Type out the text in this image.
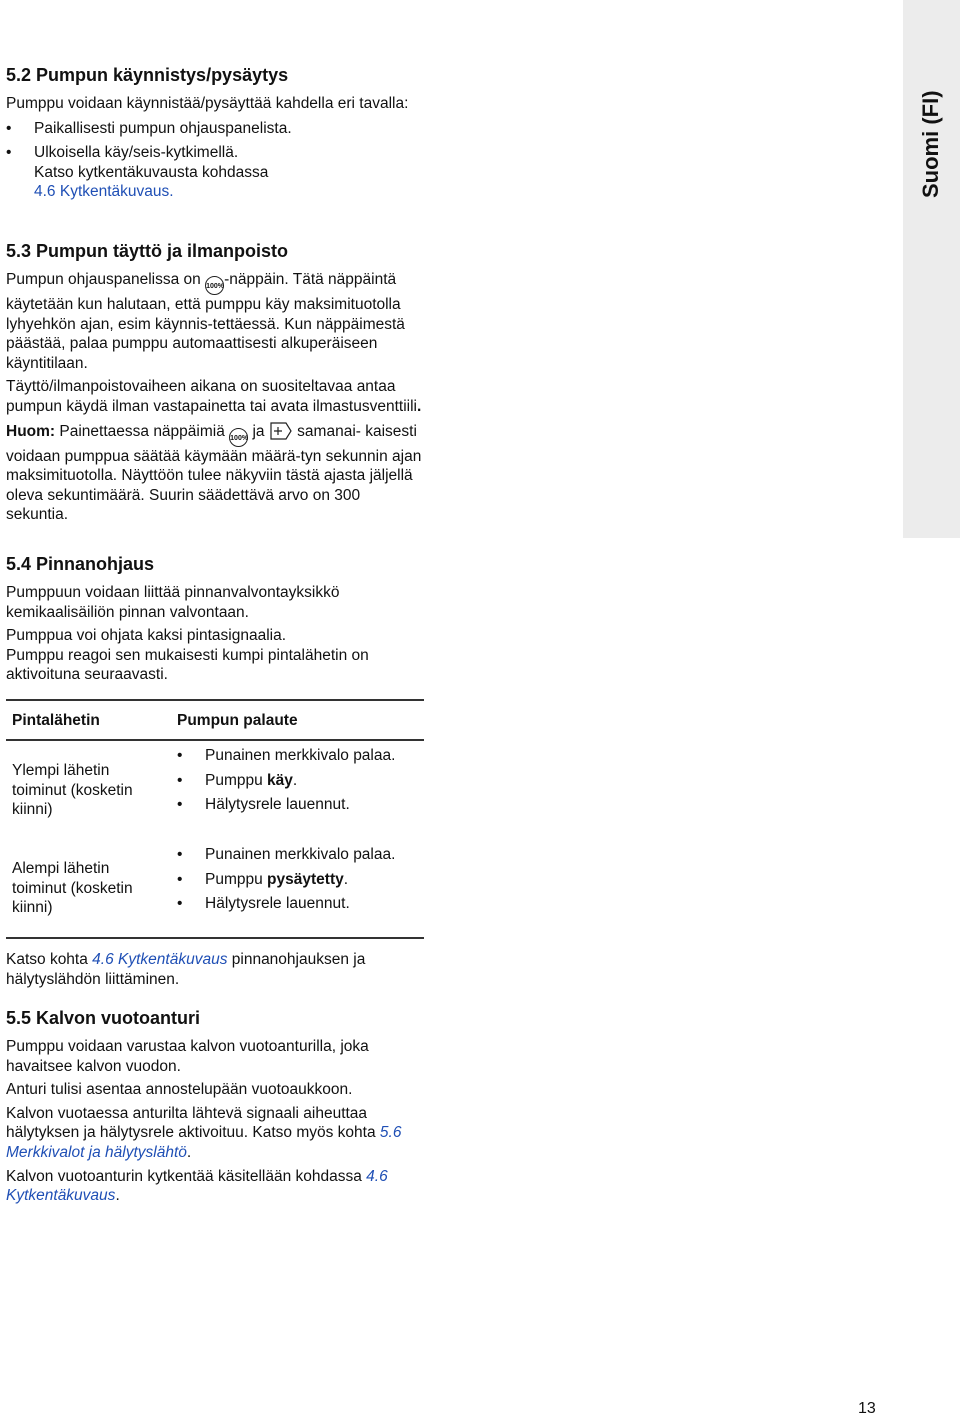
Suomi (FI)
5.2 Pumpun käynnistys/pysäytys

Pumppu voidaan käynnistää/pysäyttää kahdella eri tavalla:

• Paikallisesti pumpun ohjauspanelista.
• Ulkoisella käy/seis-kytkimellä.
Katso kytkentäkuvausta kohdassa
4.6 Kytkentäkuvaus.
5.3 Pumpun täyttö ja ilmanpoisto

Pumpun ohjauspanelissa on 100%-näppäin. Tätä näppäintä käytetään kun halutaan, että pumppu käy maksimituotolla lyhyehkön ajan, esim käynnis-tettäessä. Kun näppäimestä päästää, palaa pumppu automaattisesti alkuperäiseen käyntitilaan.

Täyttö/ilmanpoistovaiheen aikana on suositeltavaa antaa pumpun käydä ilman vastapainetta tai avata ilmastusventtiili.

Huom: Painettaessa näppäimiä 100% ja samanai- kaisesti voidaan pumppua säätää käymään määrä-tyn sekunnin ajan maksimituotolla. Näyttöön tulee näkyviin tästä ajasta jäljellä oleva sekuntimäärä. Suurin säädettävä arvo on 300 sekuntia.

5.4 Pinnanohjaus

Pumppuun voidaan liittää pinnanvalvontayksikkö kemikaalisäiliön pinnan valvontaan.

Pumppua voi ohjata kaksi pintasignaalia.

Pumppu reagoi sen mukaisesti kumpi pintalähetin on aktivoituna seuraavasti.

Pintalähetin	Pumpun palaute
Ylempi lähetin toiminut (kosketin kiinni)
• Punainen merkkivalo palaa.
• Pumppu käy.
• Hälytysrele lauennut.
Alempi lähetin toiminut (kosketin kiinni)
• Punainen merkkivalo palaa.
• Pumppu pysäytetty.
• Hälytysrele lauennut.

Katso kohta 4.6 Kytkentäkuvaus pinnanohjauksen ja hälytyslähdön liittäminen.

5.5 Kalvon vuotoanturi

Pumppu voidaan varustaa kalvon vuotoanturilla, joka havaitsee kalvon vuodon.

Anturi tulisi asentaa annostelupään vuotoaukkoon.

Kalvon vuotaessa anturilta lähtevä signaali aiheuttaa hälytyksen ja hälytysrele aktivoituu. Katso myös kohta 5.6 Merkkivalot ja hälytyslähtö.

Kalvon vuotoanturin kytkentää käsitellään kohdassa 4.6 Kytkentäkuvaus.

13
